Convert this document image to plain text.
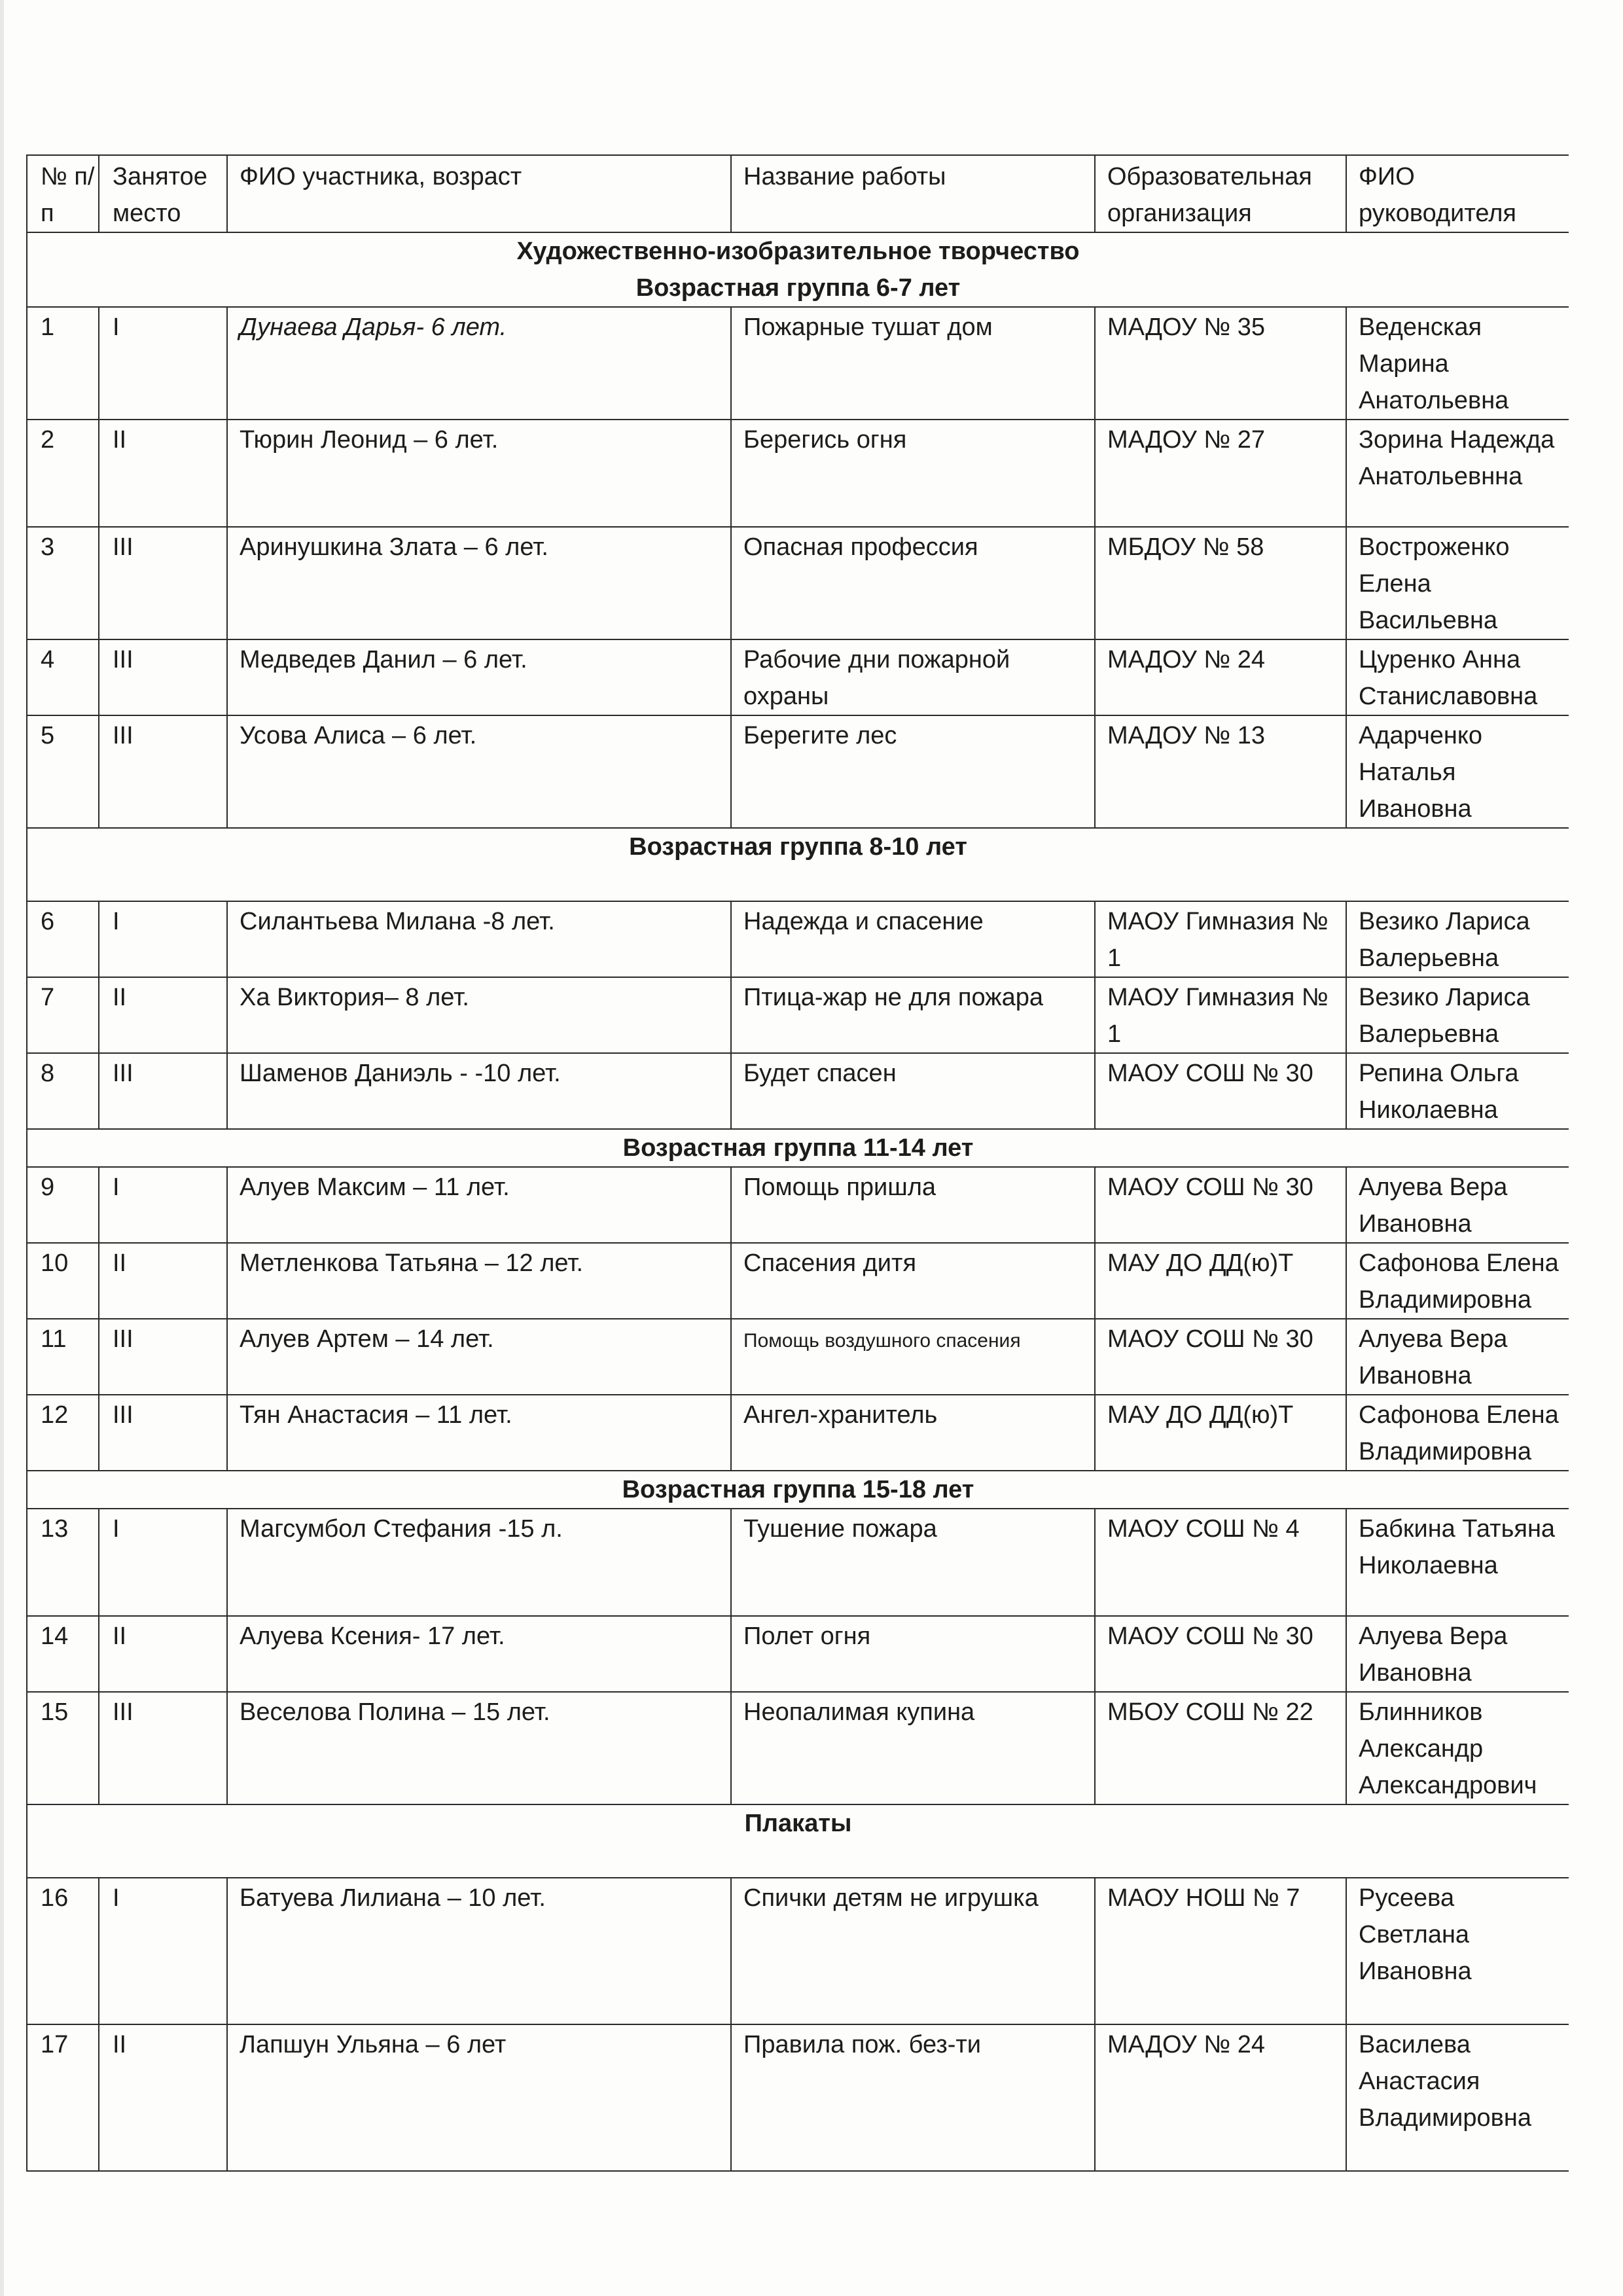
№ п/п	Занятое место	ФИО участника, возраст	Название работы	Образовательная организация	ФИО руководителя

Художественно-изобразительное творчество
Возрастная группа 6-7 лет					

1	I	Дунаева Дарья- 6 лет.	Пожарные тушат дом	МАДОУ № 35	Веденская Марина Анатольевна
2	II	Тюрин Леонид – 6 лет.	Берегись огня	МАДОУ № 27	Зорина Надежда Анатольевнна
3	III	Аринушкина Злата – 6 лет.	Опасная профессия	МБДОУ № 58	Востроженко Елена Васильевна
4	III	Медведев Данил – 6 лет.	Рабочие дни пожарной охраны	МАДОУ № 24	Цуренко Анна Станиславовна
5	III	Усова Алиса – 6 лет.	Берегите лес	МАДОУ № 13	Адарченко Наталья Ивановна

Возрастная группа 8-10 лет					

6	I	Силантьева Милана -8 лет.	Надежда и спасение	МАОУ Гимназия № 1	Везико Лариса Валерьевна
7	II	Ха Виктория– 8 лет.	Птица-жар не для пожара	МАОУ Гимназия № 1	Везико Лариса Валерьевна
8	III	Шаменов Даниэль - -10 лет.	Будет спасен	МАОУ СОШ № 30	Репина Ольга Николаевна

Возрастная группа 11-14 лет					

9	I	Алуев Максим – 11 лет.	Помощь пришла	МАОУ СОШ № 30	Алуева Вера Ивановна
10	II	Метленкова Татьяна – 12 лет.	Спасения дитя	МАУ ДО ДД(ю)Т	Сафонова Елена Владимировна
11	III	Алуев Артем – 14 лет.	Помощь воздушного спасения	МАОУ СОШ № 30	Алуева Вера Ивановна
12	III	Тян Анастасия – 11 лет.	Ангел-хранитель	МАУ ДО ДД(ю)Т	Сафонова Елена Владимировна

Возрастная группа 15-18 лет					

13	I	Магсумбол Стефания -15 л.	Тушение пожара	МАОУ СОШ № 4	Бабкина Татьяна Николаевна
14	II	Алуева Ксения- 17 лет.	Полет огня	МАОУ СОШ № 30	Алуева Вера Ивановна
15	III	Веселова Полина – 15 лет.	Неопалимая купина	МБОУ СОШ № 22	Блинников Александр Александрович

Плакаты					

16	I	Батуева Лилиана – 10 лет.	Спички детям не игрушка	МАОУ НОШ № 7	Русеева Светлана Ивановна
17	II	Лапшун Ульяна – 6 лет	Правила пож. без-ти	МАДОУ № 24	Василева Анастасия Владимировна
